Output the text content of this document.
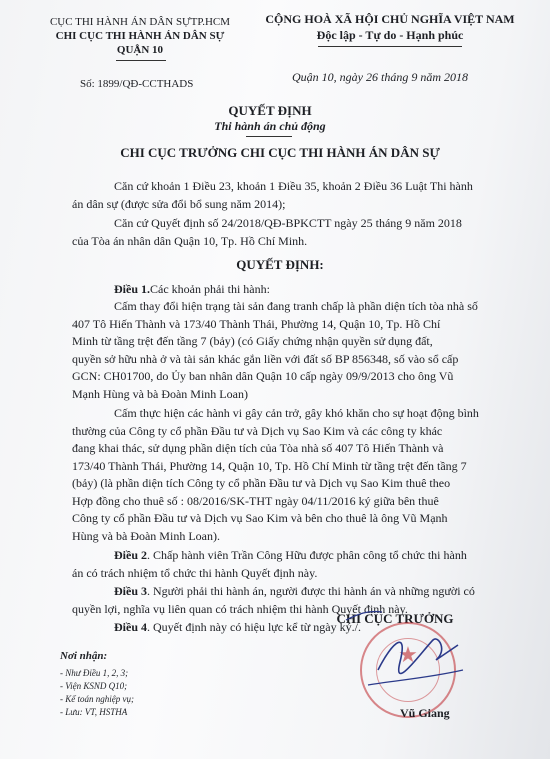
CỤC THI HÀNH ÁN DÂN SỰTP.HCM
CHI CỤC THI HÀNH ÁN DÂN SỰ
QUẬN 10
CỘNG HOÀ XÃ HỘI CHỦ NGHĨA VIỆT NAM
Độc lập - Tự do - Hạnh phúc
Số: 1899/QĐ-CCTHADS	Quận 10, ngày 26 tháng 9 năm 2018
QUYẾT ĐỊNH
Thi hành án chủ động
CHI CỤC TRƯỞNG CHI CỤC THI HÀNH ÁN DÂN SỰ
Căn cứ khoản 1 Điều 23, khoản 1 Điều 35, khoản 2 Điều 36 Luật Thi hành
án dân sự (được sửa đổi bổ sung năm 2014);
Căn cứ Quyết định số 24/2018/QĐ-BPKCTT ngày 25 tháng 9 năm 2018
của Tòa án nhân dân Quận 10, Tp. Hồ Chí Minh.
QUYẾT ĐỊNH:
Điều 1.Các khoản phải thi hành:
Cấm thay đổi hiện trạng tài sản đang tranh chấp là phần diện tích tòa nhà số
407 Tô Hiến Thành và 173/40 Thành Thái, Phường 14, Quận 10, Tp. Hồ Chí
Minh từ tầng trệt đến tầng 7 (bảy) (có Giấy chứng nhận quyền sử dụng đất,
quyền sở hữu nhà ở và tài sản khác gắn liền với đất số BP 856348, số vào sổ cấp
GCN: CH01700, do Ủy ban nhân dân Quận 10 cấp ngày 09/9/2013 cho ông Vũ
Mạnh Hùng và bà Đoàn Minh Loan)
Cấm thực hiện các hành vi gây cản trở, gây khó khăn cho sự hoạt động bình
thường của Công ty cổ phần Đầu tư và Dịch vụ Sao Kim và các công ty khác
đang khai thác, sử dụng phần diện tích của Tòa nhà số 407 Tô Hiến Thành và
173/40 Thành Thái, Phường 14, Quận 10, Tp. Hồ Chí Minh từ tầng trệt đến tầng 7
(bảy) (là phần diện tích Công ty cổ phần Đầu tư và Dịch vụ Sao Kim thuê theo
Hợp đồng cho thuê số : 08/2016/SK-THT ngày 04/11/2016 ký giữa bên thuê
Công ty cổ phần Đầu tư và Dịch vụ Sao Kim và bên cho thuê là ông Vũ Mạnh
Hùng và bà Đoàn Minh Loan).
Điều 2. Chấp hành viên Trần Công Hữu được phân công tổ chức thi hành
án có trách nhiệm tổ chức thi hành Quyết định này.
Điều 3. Người phải thi hành án, người được thi hành án và những người có
quyền lợi, nghĩa vụ liên quan có trách nhiệm thi hành Quyết định này.
Điều 4. Quyết định này có hiệu lực kể từ ngày ký./.
Nơi nhận:
- Như Điều 1, 2, 3;
- Viện KSND Q10;
- Kế toán nghiệp vụ;
- Lưu: VT, HSTHA
CHI CỤC TRƯỞNG
★
Vũ Giang
